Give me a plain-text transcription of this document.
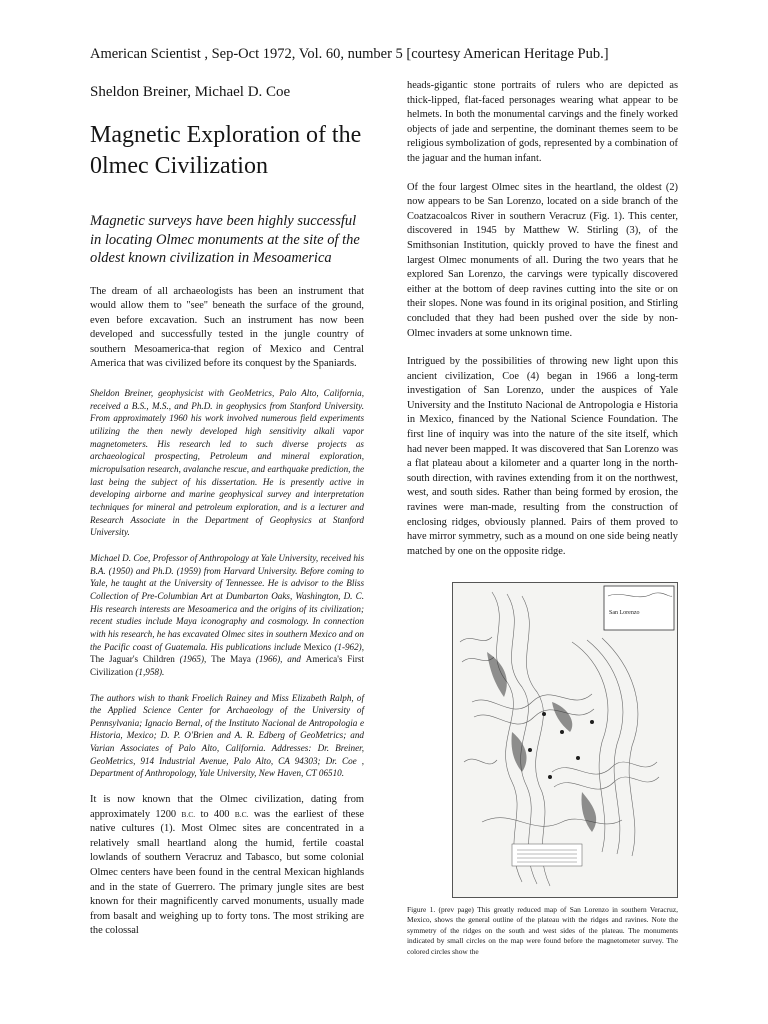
American Scientist , Sep-Oct 1972, Vol. 60, number 5 [courtesy American Heritage Pub.]
Sheldon Breiner, Michael D. Coe
Magnetic Exploration of the 0lmec Civilization
Magnetic surveys have been highly successful in locating Olmec monuments at the site of the oldest known civilization in Mesoamerica

The dream of all archaeologists has been an instrument that would allow them to "see" beneath the surface of the ground, even before excavation. Such an instrument has now been developed and successfully tested in the jungle country of southern Mesoamerica-that region of Mexico and Central America that was civilized before its conquest by the Spaniards.

Sheldon Breiner, geophysicist with GeoMetrics, Palo Alto, California, received a B.S., M.S., and Ph.D. in geophysics from Stanford University. From approximately 1960 his work involved numerous field experiments utilizing the then newly developed high sensitivity alkali vapor magnetometers. His research led to such diverse projects as archaeological prospecting, Petroleum and mineral exploration, micropulsation research, avalanche rescue, and earthquake prediction, the last being the subject of his dissertation. He is presently active in developing airborne and marine geophysical survey and interpretation techniques for mineral and petroleum exploration, and is a lecturer and Research Associate in the Department of Geophysics at Stanford University.

Michael D. Coe, Professor of Anthropology at Yale University, received his B.A. (1950) and Ph.D. (1959) from Harvard University. Before coming to Yale, he taught at the University of Tennessee. He is advisor to the Bliss Collection of Pre-Columbian Art at Dumbarton Oaks, Washington, D. C. His research interests are Mesoamerica and the origins of its civilization; recent studies include Maya iconography and cosmology. In connection with his research, he has excavated Olmec sites in southern Mexico and on the Pacific coast of Guatemala. His publications include Mexico (1-962), The Jaguar's Children (1965), The Maya (1966), and America's First Civilization (1,958).

The authors wish to thank Froelich Rainey and Miss Elizabeth Ralph, of the Applied Science Center for Archaeology of the University of Pennsylvania; Ignacio Bernal, of the Instituto Nacional de Antropologia e Historia, Mexico; D. P. O'Brien and A. R. Edberg of GeoMetrics; and Varian Associates of Palo Alto, California. Addresses: Dr. Breiner, GeoMetrics, 914 Industrial Avenue, Palo Alto, CA 94303; Dr. Coe , Department of Anthropology, Yale University, New Haven, CT 06510.

It is now known that the Olmec civilization, dating from approximately 1200 B.C. to 400 B.C. was the earliest of these native cultures (1). Most Olmec sites are concentrated in a relatively small heartland along the humid, fertile coastal lowlands of southern Veracruz and Tabasco, but some colonial Olmec centers have been found in the central Mexican highlands and in the state of Guerrero. The primary jungle sites are best known for their magnificently carved monuments, usually made from basalt and weighing up to forty tons. The most striking are the colossal

heads-gigantic stone portraits of rulers who are depicted as thick-lipped, flat-faced personages wearing what appear to be helmets. In both the monumental carvings and the finely worked objects of jade and serpentine, the dominant themes seem to be religious symbolization of gods, represented by a combination of the jaguar and the human infant.

Of the four largest Olmec sites in the heartland, the oldest (2) now appears to be San Lorenzo, located on a side branch of the Coatzacoalcos River in southern Veracruz (Fig. 1). This center, discovered in 1945 by Matthew W. Stirling (3), of the Smithsonian Institution, quickly proved to have the finest and largest Olmec monuments of all. During the two years that he explored San Lorenzo, the carvings were typically discovered either at the bottom of deep ravines cutting into the site or on their slopes. None was found in its original position, and Stirling concluded that they had been pushed over the side by non-Olmec invaders at some unknown time.

Intrigued by the possibilities of throwing new light upon this ancient civilization, Coe (4) began in 1966 a long-term investigation of San Lorenzo, under the auspices of Yale University and the Instituto Nacional de Antropologia e Historia in Mexico, financed by the National Science Foundation. The first line of inquiry was into the nature of the site itself, which had never been mapped. It was discovered that San Lorenzo was a flat plateau about a kilometer and a quarter long in the north-south direction, with ravines extending from it on the northwest, west, and south sides. Rather than being formed by erosion, the ravines were man-made, resulting from the construction of enclosing ridges, obviously planned. Pairs of them proved to have mirror symmetry, such as a mound on one side being neatly matched by one on the opposite ridge.

San Lorenzo
Figure 1. (prev page) This greatly reduced map of San Lorenzo in southern Veracruz, Mexico, shows the general outline of the plateau with the ridges and ravines. Note the symmetry of the ridges on the south and west sides of the plateau. The monuments indicated by small circles on the map were found before the magnetometer survey. The colored circles show the
